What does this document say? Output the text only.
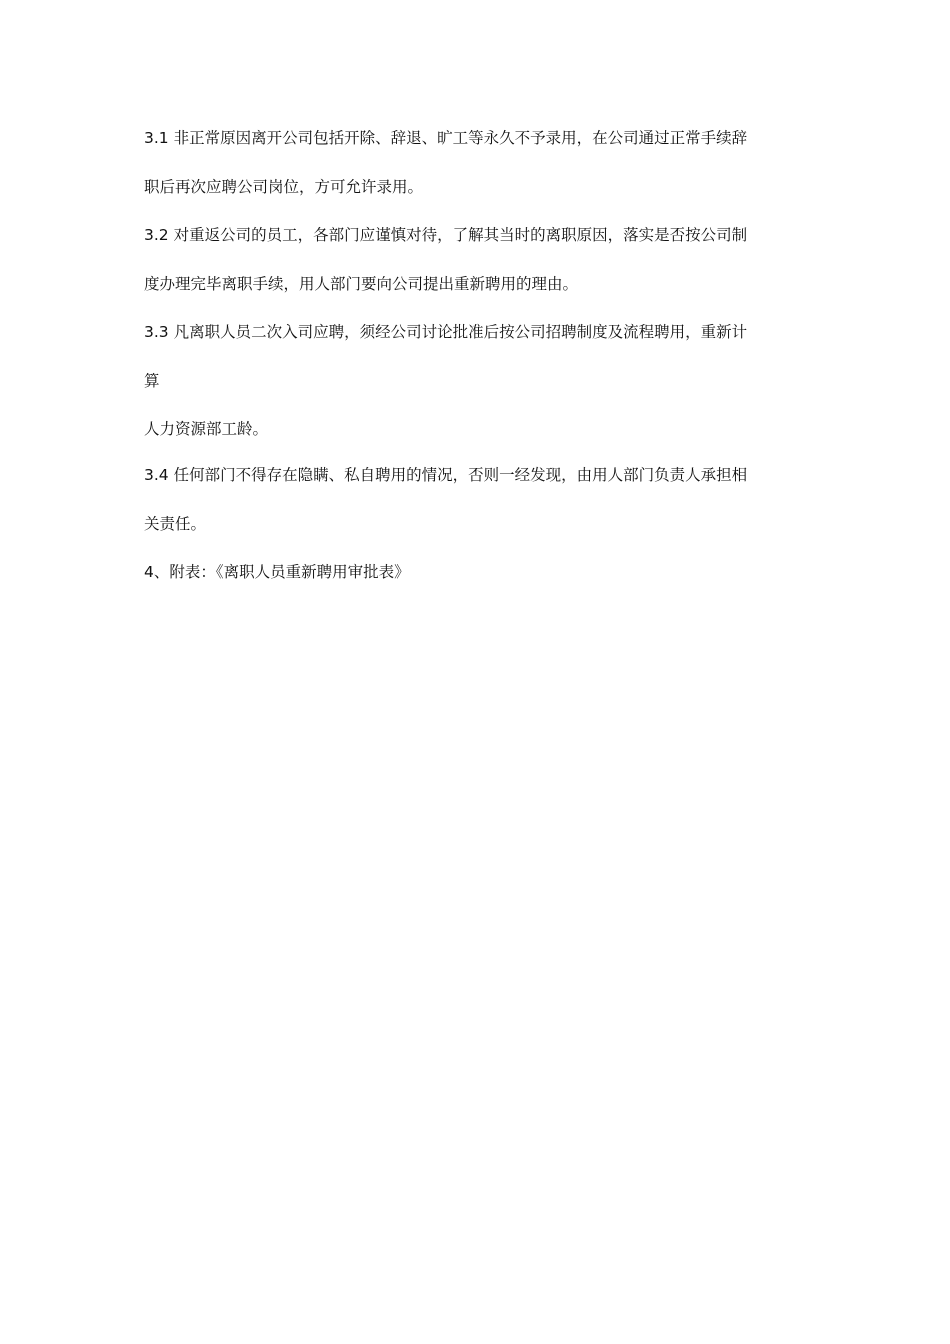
3.1 非正常原因离开公司包括开除、辞退、旷工等永久不予录用，在公司通过正常手续辞
职后再次应聘公司岗位，方可允许录用。
3.2 对重返公司的员工，各部门应谨慎对待，了解其当时的离职原因，落实是否按公司制
度办理完毕离职手续，用人部门要向公司提出重新聘用的理由。
3.3 凡离职人员二次入司应聘，须经公司讨论批准后按公司招聘制度及流程聘用，重新计
算
人力资源部工龄。
3.4 任何部门不得存在隐瞒、私自聘用的情况，否则一经发现，由用人部门负责人承担相
关责任。
4、附表：《离职人员重新聘用审批表》
